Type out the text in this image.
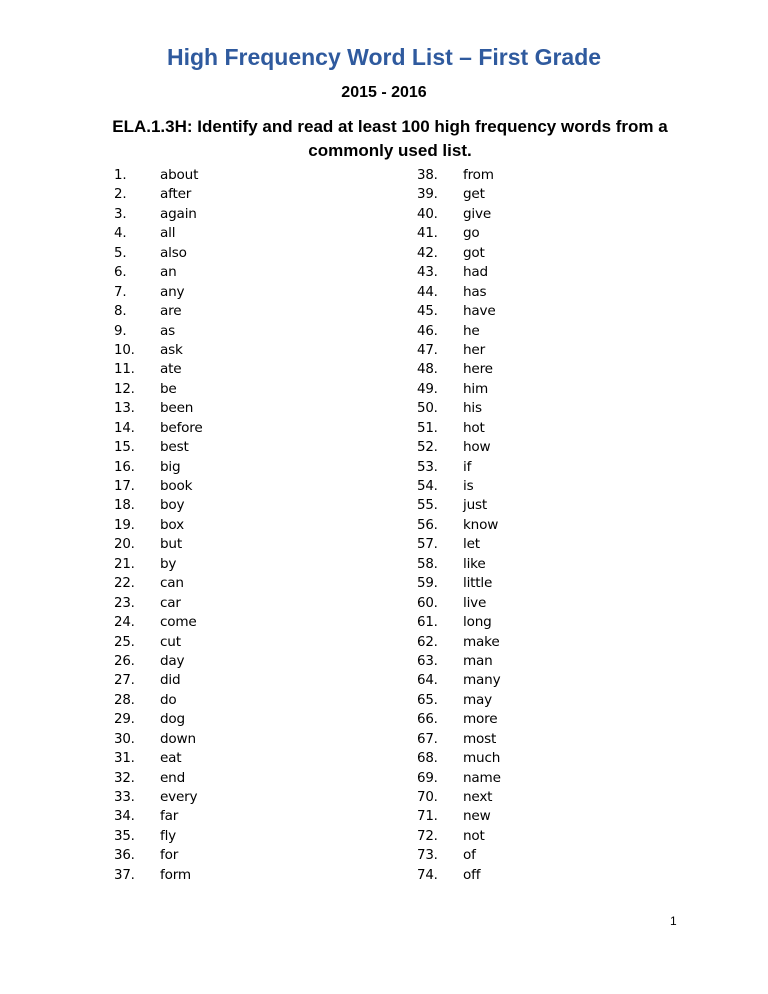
High Frequency Word List – First Grade
2015 - 2016
ELA.1.3H: Identify and read at least 100 high frequency words from a commonly used list.
1. about
2. after
3. again
4. all
5. also
6. an
7. any
8. are
9. as
10. ask
11. ate
12. be
13. been
14. before
15. best
16. big
17. book
18. boy
19. box
20. but
21. by
22. can
23. car
24. come
25. cut
26. day
27. did
28. do
29. dog
30. down
31. eat
32. end
33. every
34. far
35. fly
36. for
37. form
38. from
39. get
40. give
41. go
42. got
43. had
44. has
45. have
46. he
47. her
48. here
49. him
50. his
51. hot
52. how
53. if
54. is
55. just
56. know
57. let
58. like
59. little
60. live
61. long
62. make
63. man
64. many
65. may
66. more
67. most
68. much
69. name
70. next
71. new
72. not
73. of
74. off
1
